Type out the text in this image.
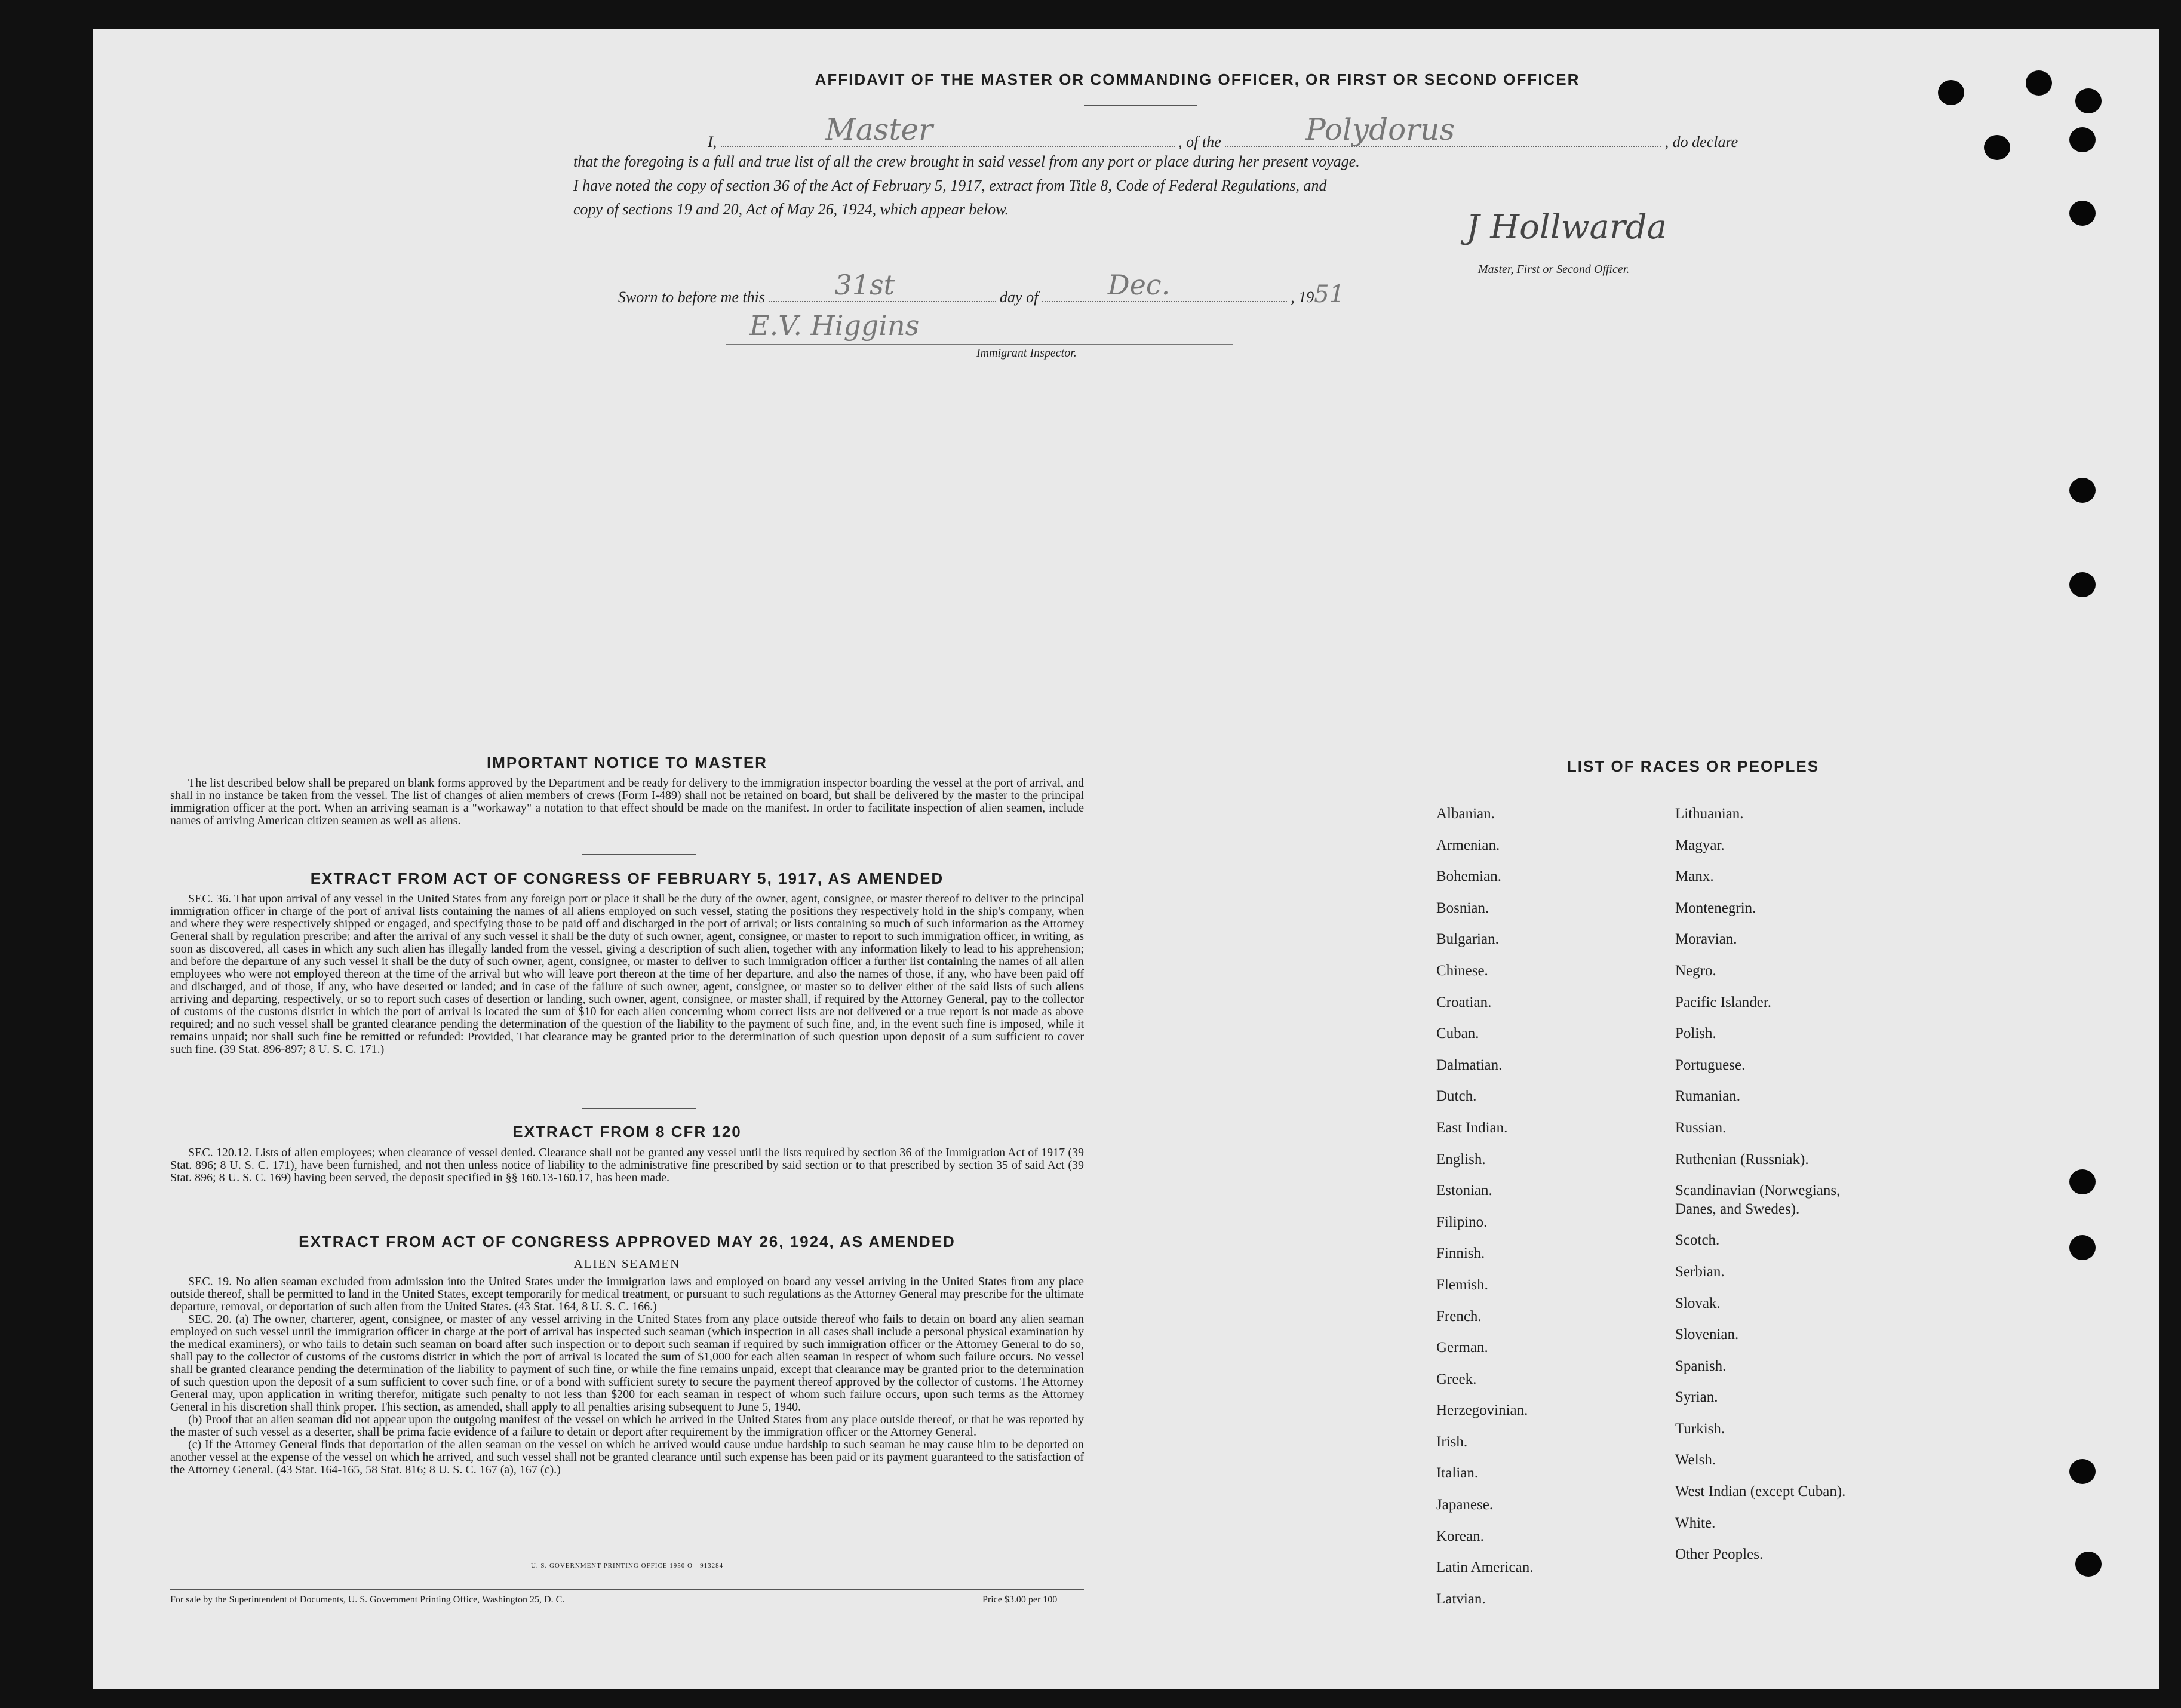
AFFIDAVIT OF THE MASTER OR COMMANDING OFFICER, OR FIRST OR SECOND OFFICER
I,	Master	, of the	Polydorus	, do declare
that the foregoing is a full and true list of all the crew brought in said vessel from any port or place during her present voyage.
I have noted the copy of section 36 of the Act of February 5, 1917, extract from Title 8, Code of Federal Regulations, and
copy of sections 19 and 20, Act of May 26, 1924, which appear below.	J Hollwarda
Master, First or Second Officer.
Sworn to before me this	31st	day of	Dec.	, 1951
E.V. Higgins
Immigrant Inspector.
IMPORTANT NOTICE TO MASTER
The list described below shall be prepared on blank forms approved by the Department and be ready for delivery to the immigration inspector boarding the vessel at the port of arrival, and shall in no instance be taken from the vessel. The list of changes of alien members of crews (Form I-489) shall not be retained on board, but shall be delivered by the master to the principal immigration officer at the port. When an arriving seaman is a "workaway" a notation to that effect should be made on the manifest. In order to facilitate inspection of alien seamen, include names of arriving American citizen seamen as well as aliens.
EXTRACT FROM ACT OF CONGRESS OF FEBRUARY 5, 1917, AS AMENDED
SEC. 36. That upon arrival of any vessel in the United States from any foreign port or place it shall be the duty of the owner, agent, consignee, or master thereof to deliver to the principal immigration officer in charge of the port of arrival lists containing the names of all aliens employed on such vessel, stating the positions they respectively hold in the ship's company, when and where they were respectively shipped or engaged, and specifying those to be paid off and discharged in the port of arrival; or lists containing so much of such information as the Attorney General shall by regulation prescribe; and after the arrival of any such vessel it shall be the duty of such owner, agent, consignee, or master to report to such immigration officer, in writing, as soon as discovered, all cases in which any such alien has illegally landed from the vessel, giving a description of such alien, together with any information likely to lead to his apprehension; and before the departure of any such vessel it shall be the duty of such owner, agent, consignee, or master to deliver to such immigration officer a further list containing the names of all alien employees who were not employed thereon at the time of the arrival but who will leave port thereon at the time of her departure, and also the names of those, if any, who have been paid off and discharged, and of those, if any, who have deserted or landed; and in case of the failure of such owner, agent, consignee, or master so to deliver either of the said lists of such aliens arriving and departing, respectively, or so to report such cases of desertion or landing, such owner, agent, consignee, or master shall, if required by the Attorney General, pay to the collector of customs of the customs district in which the port of arrival is located the sum of $10 for each alien concerning whom correct lists are not delivered or a true report is not made as above required; and no such vessel shall be granted clearance pending the determination of the question of the liability to the payment of such fine, and, in the event such fine is imposed, while it remains unpaid; nor shall such fine be remitted or refunded: Provided, That clearance may be granted prior to the determination of such question upon deposit of a sum sufficient to cover such fine. (39 Stat. 896-897; 8 U. S. C. 171.)
EXTRACT FROM 8 CFR 120
SEC. 120.12. Lists of alien employees; when clearance of vessel denied. Clearance shall not be granted any vessel until the lists required by section 36 of the Immigration Act of 1917 (39 Stat. 896; 8 U. S. C. 171), have been furnished, and not then unless notice of liability to the administrative fine prescribed by said section or to that prescribed by section 35 of said Act (39 Stat. 896; 8 U. S. C. 169) having been served, the deposit specified in §§ 160.13-160.17, has been made.
EXTRACT FROM ACT OF CONGRESS APPROVED MAY 26, 1924, AS AMENDED
ALIEN SEAMEN
SEC. 19. No alien seaman excluded from admission into the United States under the immigration laws and employed on board any vessel arriving in the United States from any place outside thereof, shall be permitted to land in the United States, except temporarily for medical treatment, or pursuant to such regulations as the Attorney General may prescribe for the ultimate departure, removal, or deportation of such alien from the United States. (43 Stat. 164, 8 U. S. C. 166.)
SEC. 20. (a) The owner, charterer, agent, consignee, or master of any vessel arriving in the United States from any place outside thereof who fails to detain on board any alien seaman employed on such vessel until the immigration officer in charge at the port of arrival has inspected such seaman (which inspection in all cases shall include a personal physical examination by the medical examiners), or who fails to detain such seaman on board after such inspection or to deport such seaman if required by such immigration officer or the Attorney General to do so, shall pay to the collector of customs of the customs district in which the port of arrival is located the sum of $1,000 for each alien seaman in respect of whom such failure occurs. No vessel shall be granted clearance pending the determination of the liability to payment of such fine, or while the fine remains unpaid, except that clearance may be granted prior to the determination of such question upon the deposit of a sum sufficient to cover such fine, or of a bond with sufficient surety to secure the payment thereof approved by the collector of customs. The Attorney General may, upon application in writing therefor, mitigate such penalty to not less than $200 for each seaman in respect of whom such failure occurs, upon such terms as the Attorney General in his discretion shall think proper. This section, as amended, shall apply to all penalties arising subsequent to June 5, 1940.
(b) Proof that an alien seaman did not appear upon the outgoing manifest of the vessel on which he arrived in the United States from any place outside thereof, or that he was reported by the master of such vessel as a deserter, shall be prima facie evidence of a failure to detain or deport after requirement by the immigration officer or the Attorney General.
(c) If the Attorney General finds that deportation of the alien seaman on the vessel on which he arrived would cause undue hardship to such seaman he may cause him to be deported on another vessel at the expense of the vessel on which he arrived, and such vessel shall not be granted clearance until such expense has been paid or its payment guaranteed to the satisfaction of the Attorney General. (43 Stat. 164-165, 58 Stat. 816; 8 U. S. C. 167 (a), 167 (c).)
U. S. GOVERNMENT PRINTING OFFICE 1950 O - 913284
For sale by the Superintendent of Documents, U. S. Government Printing Office, Washington 25, D. C.	Price $3.00 per 100
LIST OF RACES OR PEOPLES
Albanian.
Armenian.
Bohemian.
Bosnian.
Bulgarian.
Chinese.
Croatian.
Cuban.
Dalmatian.
Dutch.
East Indian.
English.
Estonian.
Filipino.
Finnish.
Flemish.
French.
German.
Greek.
Herzegovinian.
Irish.
Italian.
Japanese.
Korean.
Latin American.
Latvian.
Lithuanian.
Magyar.
Manx.
Montenegrin.
Moravian.
Negro.
Pacific Islander.
Polish.
Portuguese.
Rumanian.
Russian.
Ruthenian (Russniak).
Scandinavian (Norwegians,
Danes, and Swedes).
Scotch.
Serbian.
Slovak.
Slovenian.
Spanish.
Syrian.
Turkish.
Welsh.
West Indian (except Cuban).
White.
Other Peoples.
